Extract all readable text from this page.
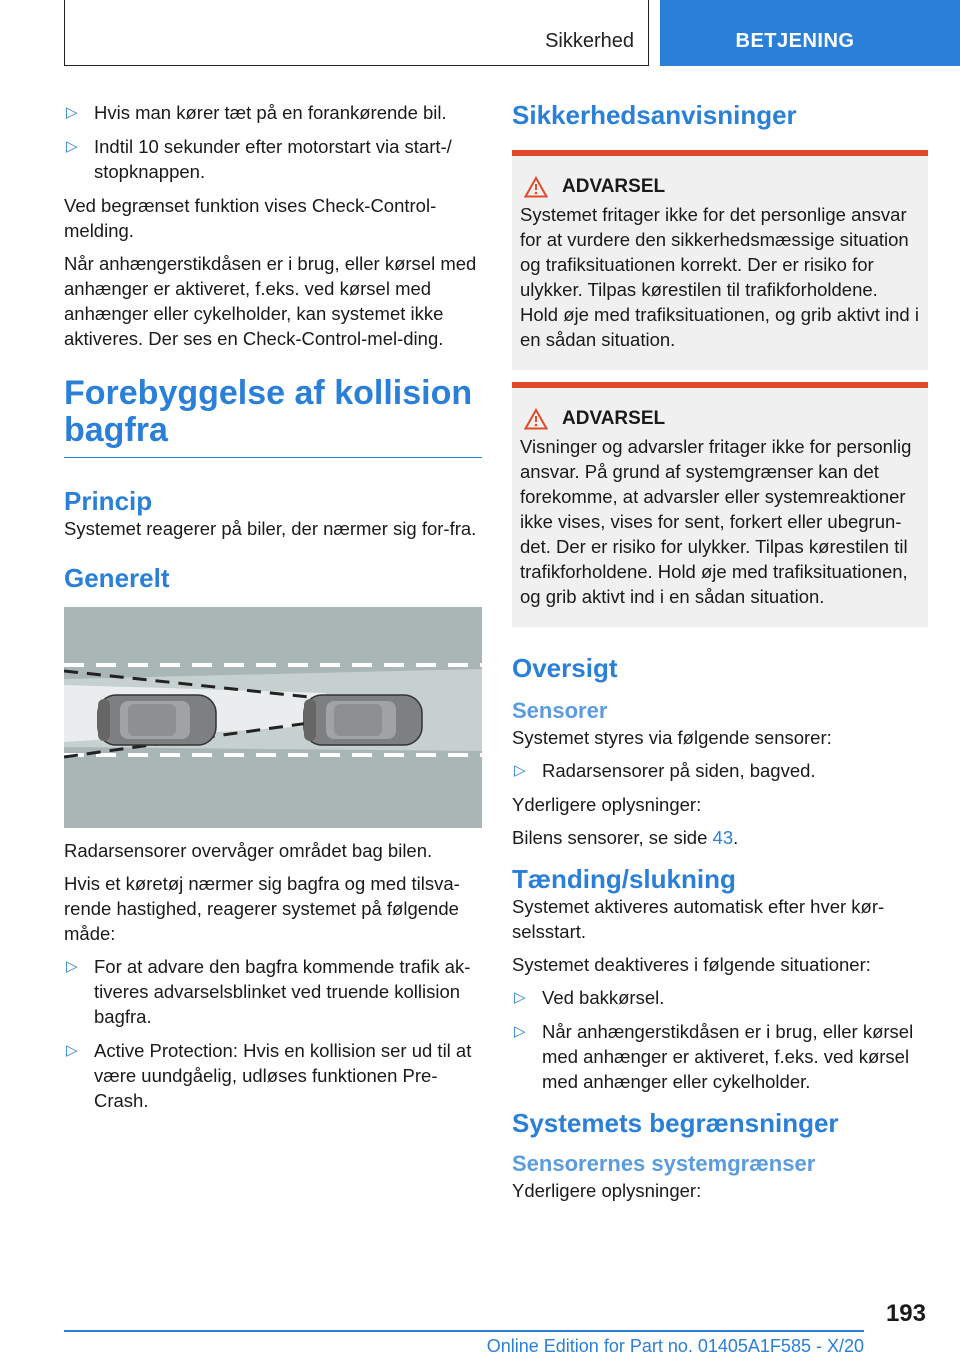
Sikkerhed	BETJENING
▷ Hvis man kører tæt på en forankørende bil.
▷ Indtil 10 sekunder efter motorstart via start-/ stopknappen.

Ved begrænset funktion vises Check-Control-melding.

Når anhængerstikdåsen er i brug, eller kørsel med anhænger er aktiveret, f.eks. ved kørsel med anhænger eller cykelholder, kan systemet ikke aktiveres. Der ses en Check-Control-mel-ding.

Forebyggelse af kollision bagfra
Princip

Systemet reagerer på biler, der nærmer sig for-fra.

Generelt

Radarsensorer overvåger området bag bilen.

Hvis et køretøj nærmer sig bagfra og med tilsva-rende hastighed, reagerer systemet på følgende måde:

▷ For at advare den bagfra kommende trafik ak-tiveres advarselsblinket ved truende kollision bagfra.
▷ Active Protection: Hvis en kollision ser ud til at være uundgåelig, udløses funktionen Pre-Crash.
Sikkerhedsanvisninger
ADVARSEL

Systemet fritager ikke for det personlige ansvar for at vurdere den sikkerhedsmæssige situation og trafiksituationen korrekt. Der er risiko for ulykker. Tilpas kørestilen til trafikforholdene. Hold øje med trafiksituationen, og grib aktivt ind i en sådan situation.

ADVARSEL

Visninger og advarsler fritager ikke for personlig ansvar. På grund af systemgrænser kan det forekomme, at advarsler eller systemreaktioner ikke vises, vises for sent, forkert eller ubegrun-det. Der er risiko for ulykker. Tilpas kørestilen til trafikforholdene. Hold øje med trafiksituationen, og grib aktivt ind i en sådan situation.

Oversigt
Sensorer

Systemet styres via følgende sensorer:

▷ Radarsensorer på siden, bagved.

Yderligere oplysninger:

Bilens sensorer, se side 43.

Tænding/slukning

Systemet aktiveres automatisk efter hver kør-selsstart.

Systemet deaktiveres i følgende situationer:

▷ Ved bakkørsel.
▷ Når anhængerstikdåsen er i brug, eller kørsel med anhænger er aktiveret, f.eks. ved kørsel med anhænger eller cykelholder.
Systemets begrænsninger
Sensorernes systemgrænser

Yderligere oplysninger:

193
Online Edition for Part no. 01405A1F585 - X/20
